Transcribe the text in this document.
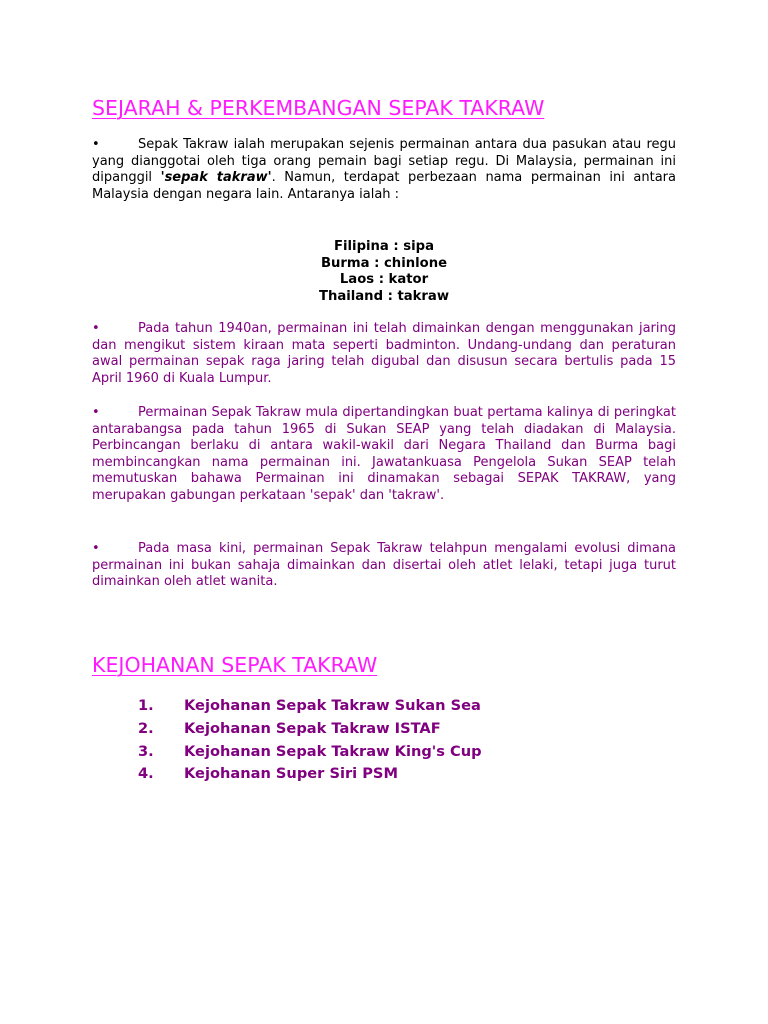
SEJARAH & PERKEMBANGAN SEPAK TAKRAW

•	Sepak Takraw ialah merupakan sejenis permainan antara dua pasukan atau regu yang dianggotai oleh tiga orang pemain bagi setiap regu. Di Malaysia, permainan ini dipanggil 'sepak takraw'. Namun, terdapat perbezaan nama permainan ini antara Malaysia dengan negara lain. Antaranya ialah :

Filipina : sipa
Burma : chinlone
Laos : kator
Thailand : takraw

•	Pada tahun 1940an, permainan ini telah dimainkan dengan menggunakan jaring dan mengikut sistem kiraan mata seperti badminton. Undang-undang dan peraturan awal permainan sepak raga jaring telah digubal dan disusun secara bertulis pada 15 April 1960 di Kuala Lumpur.

•	Permainan Sepak Takraw mula dipertandingkan buat pertama kalinya di peringkat antarabangsa pada tahun 1965 di Sukan SEAP yang telah diadakan di Malaysia. Perbincangan berlaku di antara wakil-wakil dari Negara Thailand dan Burma bagi membincangkan nama permainan ini. Jawatankuasa Pengelola Sukan SEAP telah memutuskan bahawa Permainan ini dinamakan sebagai SEPAK TAKRAW, yang merupakan gabungan perkataan 'sepak' dan 'takraw'.

•	Pada masa kini, permainan Sepak Takraw telahpun mengalami evolusi dimana permainan ini bukan sahaja dimainkan dan disertai oleh atlet lelaki, tetapi juga turut dimainkan oleh atlet wanita.

KEJOHANAN SEPAK TAKRAW
1. Kejohanan Sepak Takraw Sukan Sea
2. Kejohanan Sepak Takraw ISTAF
3. Kejohanan Sepak Takraw King's Cup
4. Kejohanan Super Siri PSM
